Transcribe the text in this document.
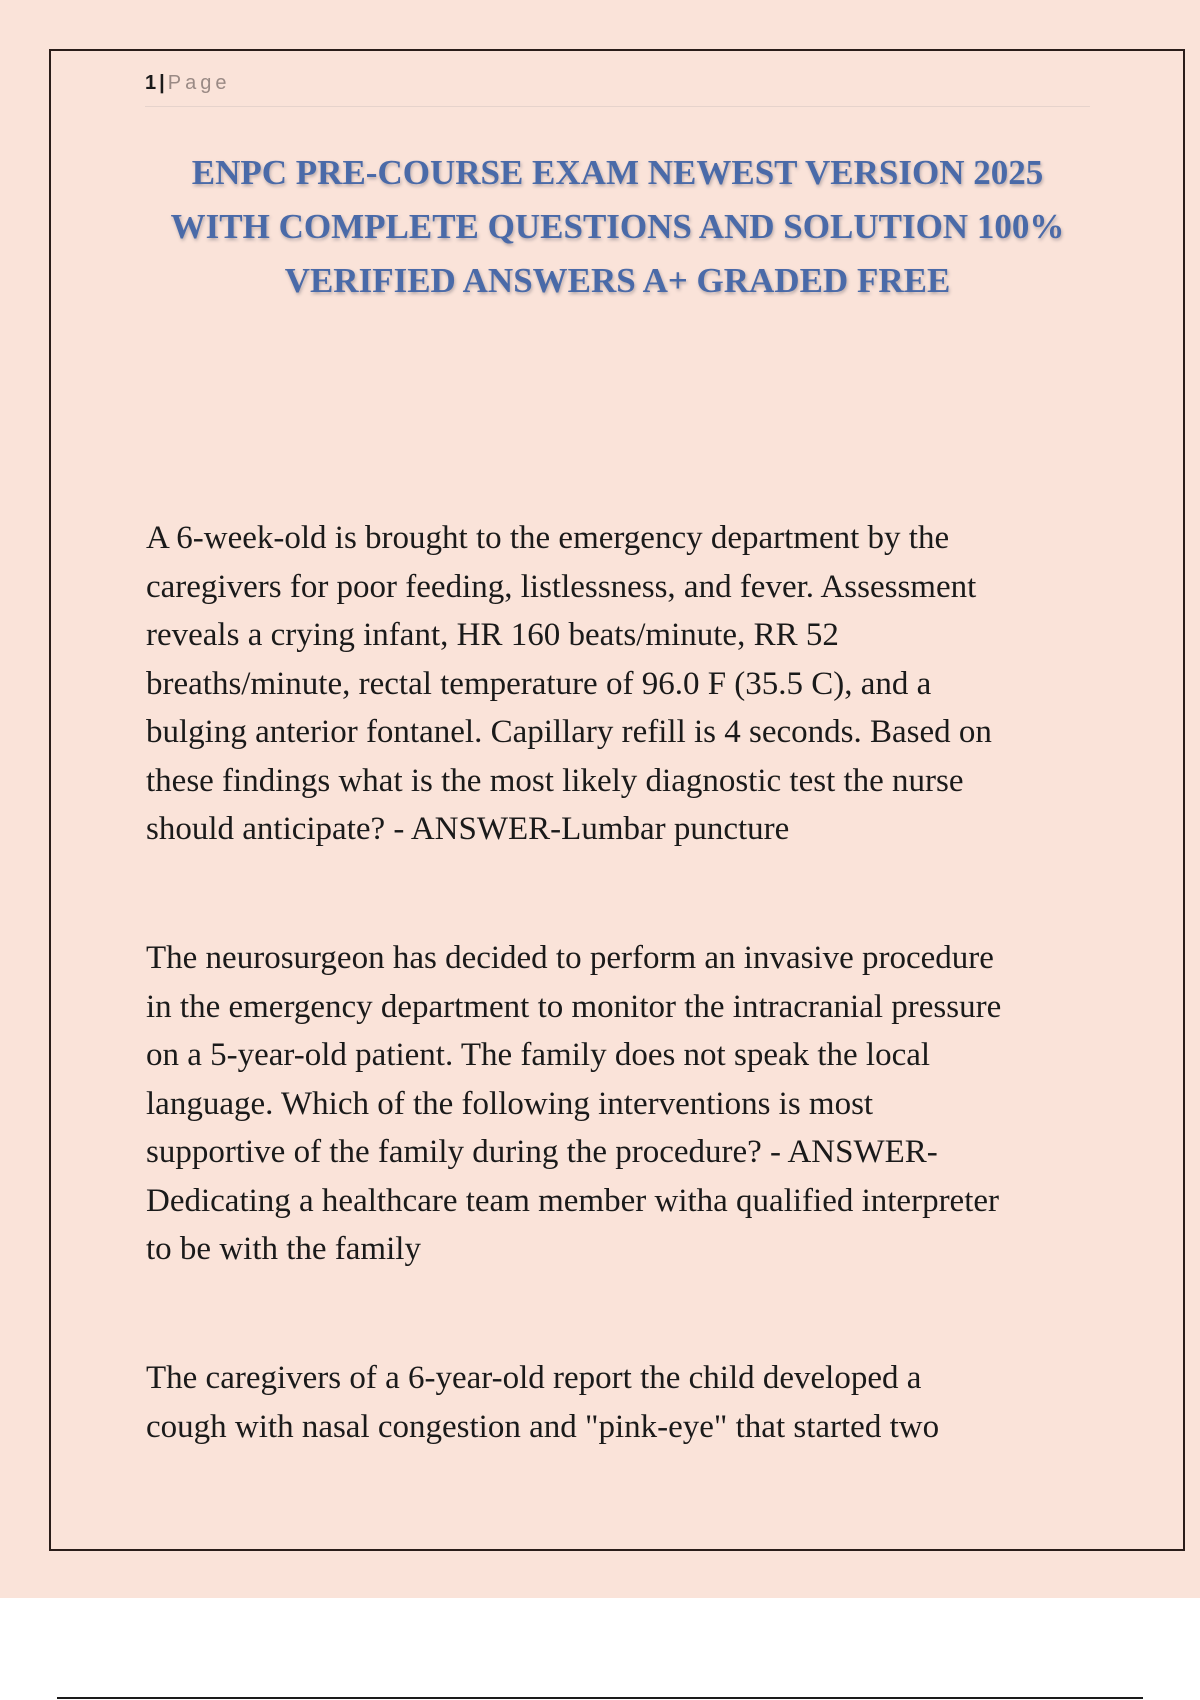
1 | Page
ENPC PRE-COURSE EXAM NEWEST VERSION 2025
WITH COMPLETE QUESTIONS AND SOLUTION 100%
VERIFIED ANSWERS A+ GRADED FREE
A 6-week-old is brought to the emergency department by the
caregivers for poor feeding, listlessness, and fever. Assessment
reveals a crying infant, HR 160 beats/minute, RR 52
breaths/minute, rectal temperature of 96.0 F (35.5 C), and a
bulging anterior fontanel. Capillary refill is 4 seconds. Based on
these findings what is the most likely diagnostic test the nurse
should anticipate? - ANSWER-Lumbar puncture
The neurosurgeon has decided to perform an invasive procedure
in the emergency department to monitor the intracranial pressure
on a 5-year-old patient. The family does not speak the local
language. Which of the following interventions is most
supportive of the family during the procedure? - ANSWER-
Dedicating a healthcare team member witha qualified interpreter
to be with the family
The caregivers of a 6-year-old report the child developed a
cough with nasal congestion and "pink-eye" that started two
